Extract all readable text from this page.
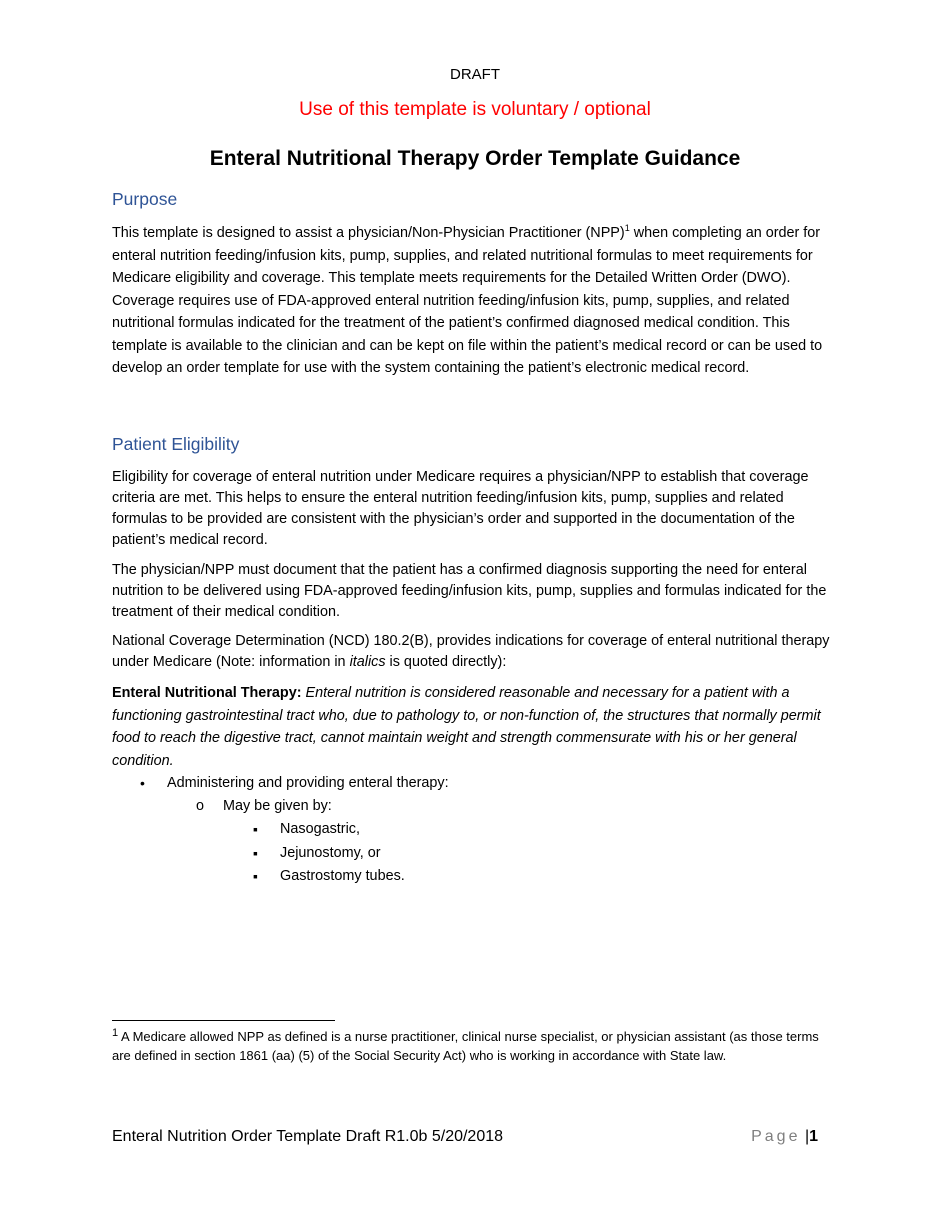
DRAFT
Use of this template is voluntary / optional
Enteral Nutritional Therapy Order Template Guidance
Purpose
This template is designed to assist a physician/Non-Physician Practitioner (NPP)$^1$ when completing an order for enteral nutrition feeding/infusion kits, pump, supplies, and related nutritional formulas to meet requirements for Medicare eligibility and coverage. This template meets requirements for the Detailed Written Order (DWO). Coverage requires use of FDA-approved enteral nutrition feeding/infusion kits, pump, supplies, and related nutritional formulas indicated for the treatment of the patient’s confirmed diagnosed medical condition. This template is available to the clinician and can be kept on file within the patient’s medical record or can be used to develop an order template for use with the system containing the patient’s electronic medical record.
Patient Eligibility
Eligibility for coverage of enteral nutrition under Medicare requires a physician/NPP to establish that coverage criteria are met. This helps to ensure the enteral nutrition feeding/infusion kits, pump, supplies and related formulas to be provided are consistent with the physician’s order and supported in the documentation of the patient’s medical record.
The physician/NPP must document that the patient has a confirmed diagnosis supporting the need for enteral nutrition to be delivered using FDA-approved feeding/infusion kits, pump, supplies and formulas indicated for the treatment of their medical condition.
National Coverage Determination (NCD) 180.2(B), provides indications for coverage of enteral nutritional therapy under Medicare (Note: information in italics is quoted directly):
Enteral Nutritional Therapy: Enteral nutrition is considered reasonable and necessary for a patient with a functioning gastrointestinal tract who, due to pathology to, or non-function of, the structures that normally permit food to reach the digestive tract, cannot maintain weight and strength commensurate with his or her general condition.
• Administering and providing enteral therapy:
o May be given by:
▪ Nasogastric,
▪ Jejunostomy, or
▪ Gastrostomy tubes.
$^1$ A Medicare allowed NPP as defined is a nurse practitioner, clinical nurse specialist, or physician assistant (as those terms are defined in section 1861 (aa) (5) of the Social Security Act) who is working in accordance with State law.
Enteral Nutrition Order Template Draft R1.0b 5/20/2018	Page |1
